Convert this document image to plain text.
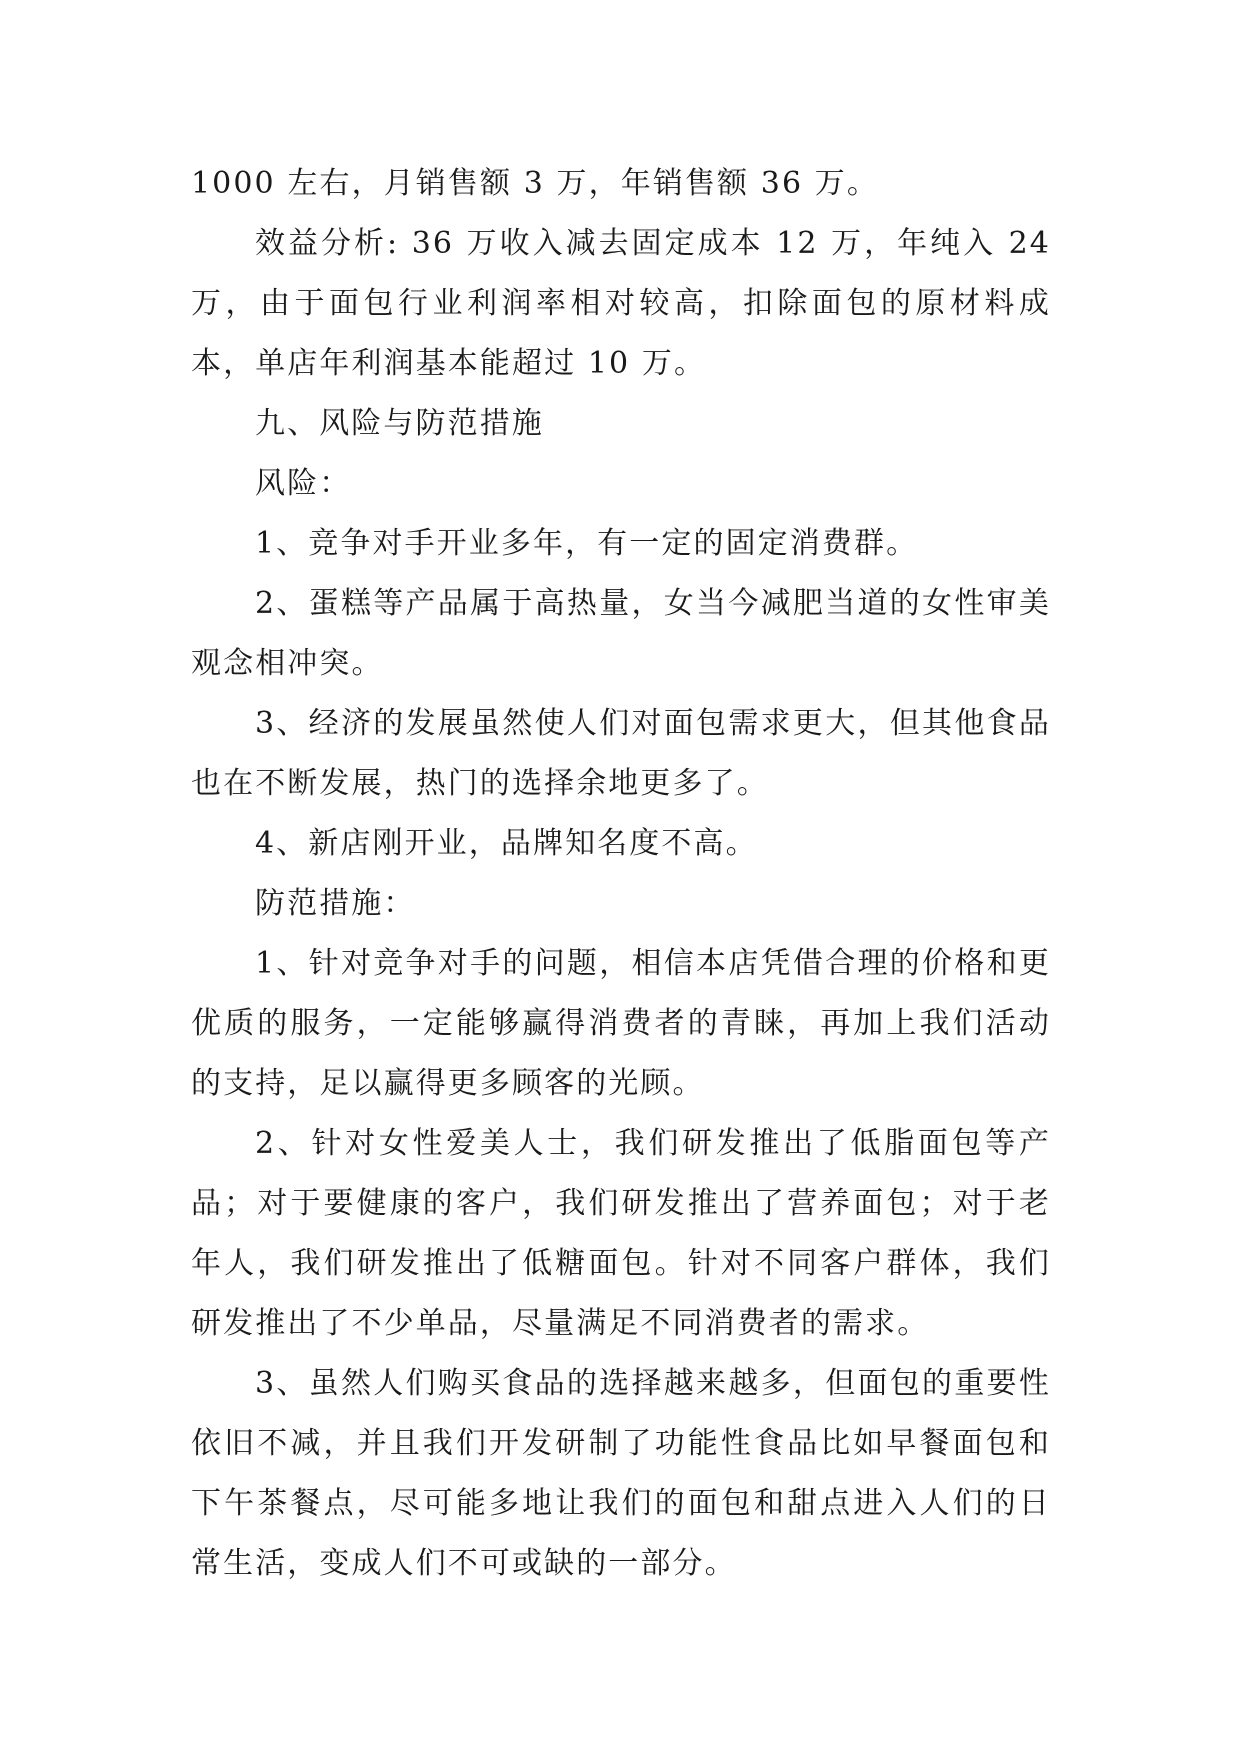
1000 左右，月销售额 3 万，年销售额 36 万。

效益分析: 36 万收入减去固定成本 12 万，年纯入 24 万，由于面包行业利润率相对较高，扣除面包的原材料成本，单店年利润基本能超过 10 万。

九、风险与防范措施

风险：

1、竞争对手开业多年，有一定的固定消费群。

2、蛋糕等产品属于高热量，女当今减肥当道的女性审美观念相冲突。

3、经济的发展虽然使人们对面包需求更大，但其他食品也在不断发展，热门的选择余地更多了。

4、新店刚开业，品牌知名度不高。

防范措施：

1、针对竞争对手的问题，相信本店凭借合理的价格和更优质的服务，一定能够赢得消费者的青睐，再加上我们活动的支持，足以赢得更多顾客的光顾。

2、针对女性爱美人士，我们研发推出了低脂面包等产品；对于要健康的客户，我们研发推出了营养面包；对于老年人，我们研发推出了低糖面包。针对不同客户群体，我们研发推出了不少单品，尽量满足不同消费者的需求。

3、虽然人们购买食品的选择越来越多，但面包的重要性依旧不减，并且我们开发研制了功能性食品比如早餐面包和下午茶餐点，尽可能多地让我们的面包和甜点进入人们的日常生活，变成人们不可或缺的一部分。
